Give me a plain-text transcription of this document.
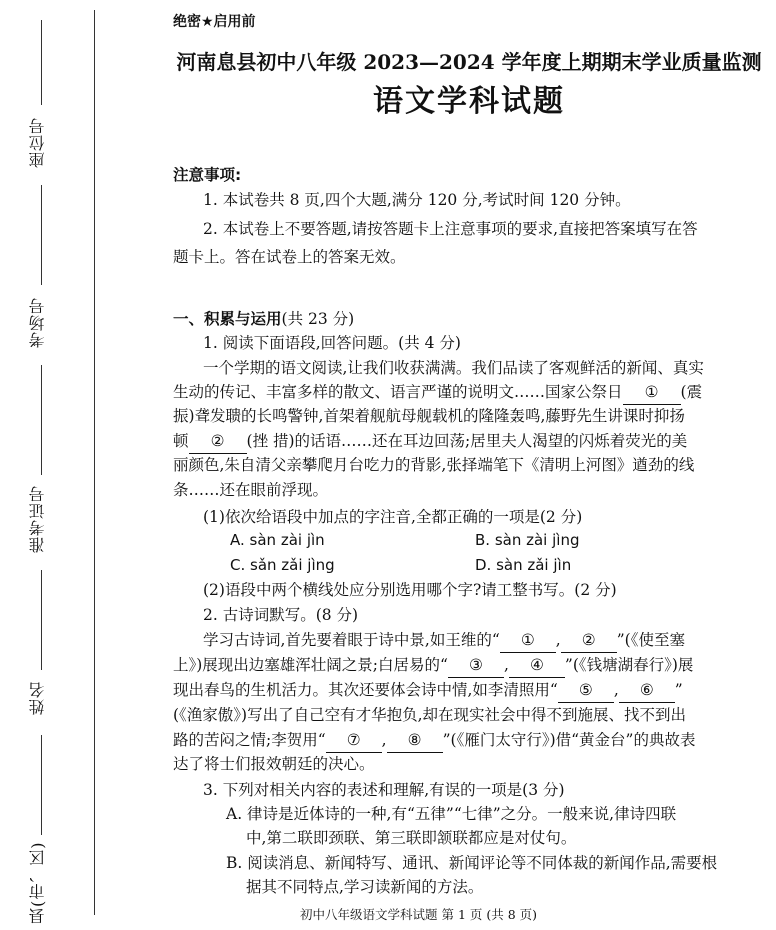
座位号
考场号
准考证号
姓名
县(市、区)
绝密★启用前
河南息县初中八年级 2023—2024 学年度上期期末学业质量监测
语文学科试题
注意事项:
1. 本试卷共 8 页,四个大题,满分 120 分,考试时间 120 分钟。
2. 本试卷上不要答题,请按答题卡上注意事项的要求,直接把答案填写在答
题卡上。答在试卷上的答案无效。
一、积累与运用(共 23 分)
1. 阅读下面语段,回答问题。(共 4 分)
一个学期的语文阅读,让我们收获满满。我们品读了客观鲜活的新闻、真实
生动的传记、丰富多样的散文、语言严谨的说明文……国家公祭日 ① (震
振)聋发聩的长鸣警钟,首架着舰航母舰载机的隆隆轰鸣,藤野先生讲课时抑扬
顿 ② (挫 措)的话语……还在耳边回荡;居里夫人渴望的闪烁着荧光的美
丽颜色,朱自清父亲攀爬月台吃力的背影,张择端笔下《清明上河图》遒劲的线
条……还在眼前浮现。
(1)依次给语段中加点的字注音,全都正确的一项是(2 分)
A. sàn zài jìn	B. sàn zài jìng
C. sǎn zǎi jìng	D. sàn zǎi jìn
(2)语段中两个横线处应分别选用哪个字?请工整书写。(2 分)
2. 古诗词默写。(8 分)
学习古诗词,首先要着眼于诗中景,如王维的“ ① , ② ”(《使至塞
上》)展现出边塞雄浑壮阔之景;白居易的“ ③ , ④ ”(《钱塘湖春行》)展
现出春鸟的生机活力。其次还要体会诗中情,如李清照用“ ⑤ , ⑥ ”
(《渔家傲》)写出了自己空有才华抱负,却在现实社会中得不到施展、找不到出
路的苦闷之情;李贺用“ ⑦ , ⑧ ”(《雁门太守行》)借“黄金台”的典故表
达了将士们报效朝廷的决心。
3. 下列对相关内容的表述和理解,有误的一项是(3 分)
A. 律诗是近体诗的一种,有“五律”“七律”之分。一般来说,律诗四联
中,第二联即颈联、第三联即颔联都应是对仗句。
B. 阅读消息、新闻特写、通讯、新闻评论等不同体裁的新闻作品,需要根
据其不同特点,学习读新闻的方法。
初中八年级语文学科试题 第 1 页 (共 8 页)
